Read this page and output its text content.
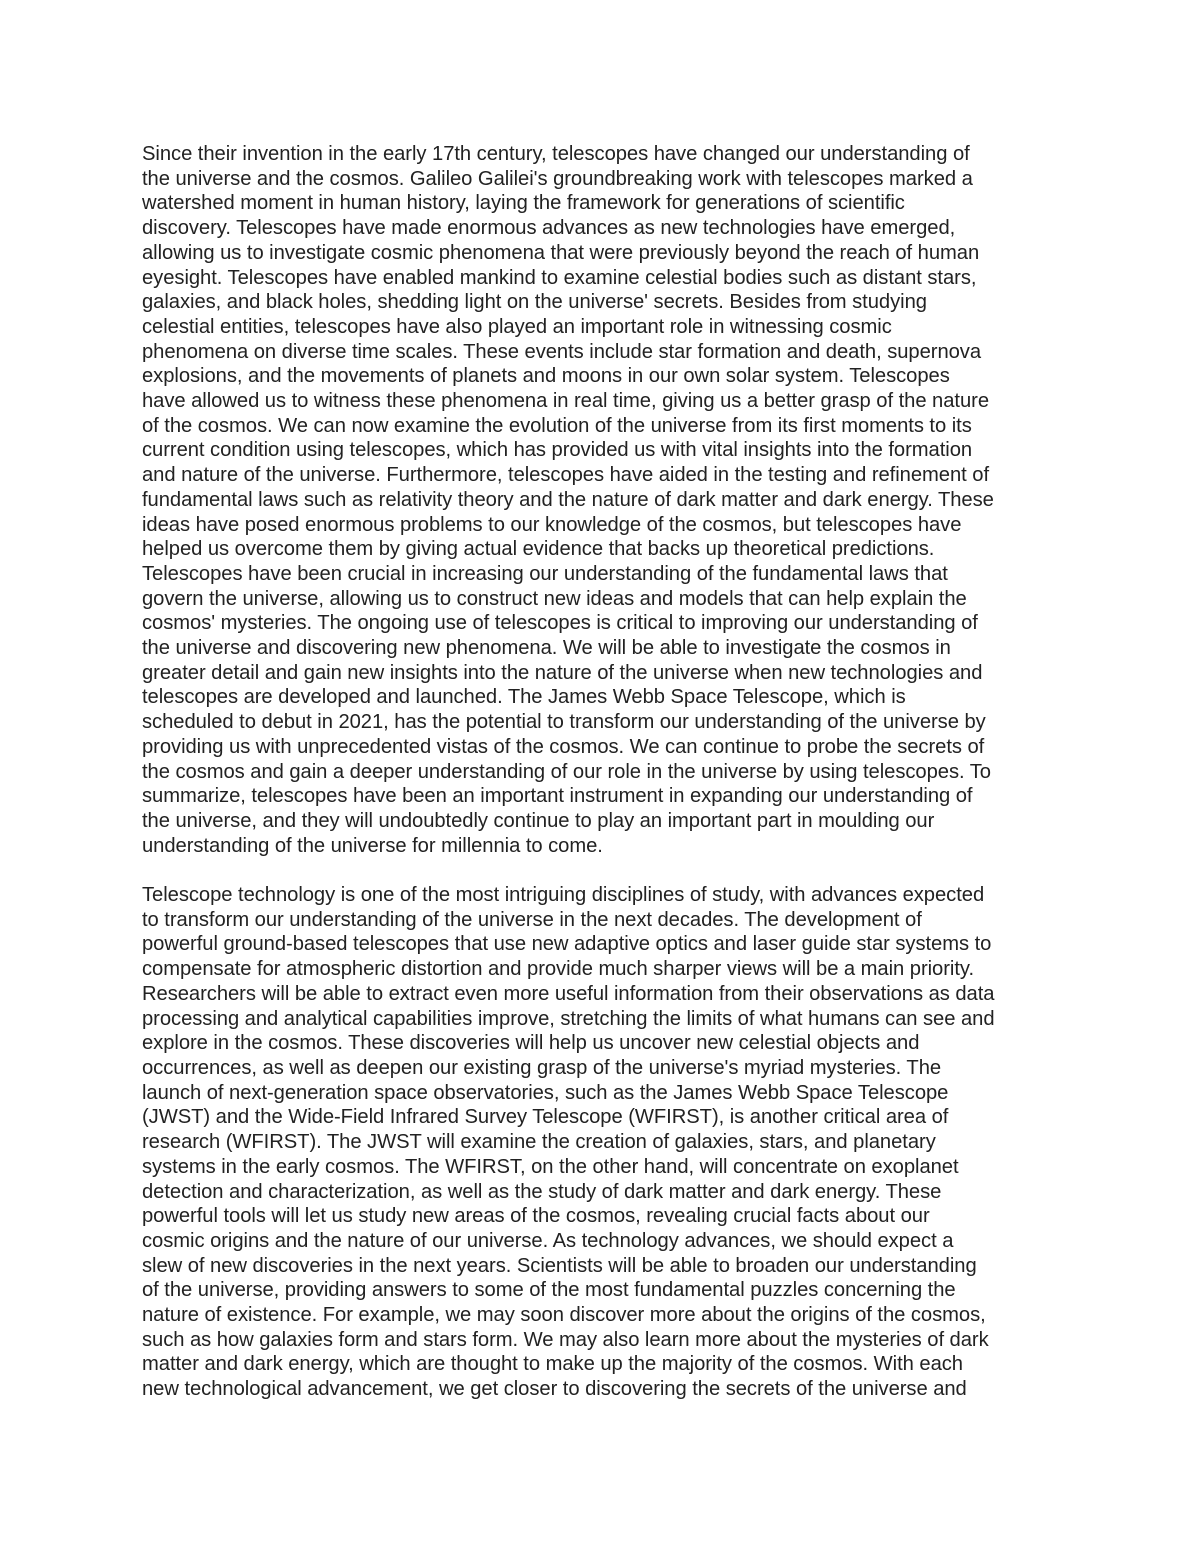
Since their invention in the early 17th century, telescopes have changed our understanding of
the universe and the cosmos. Galileo Galilei's groundbreaking work with telescopes marked a
watershed moment in human history, laying the framework for generations of scientific
discovery. Telescopes have made enormous advances as new technologies have emerged,
allowing us to investigate cosmic phenomena that were previously beyond the reach of human
eyesight. Telescopes have enabled mankind to examine celestial bodies such as distant stars,
galaxies, and black holes, shedding light on the universe' secrets. Besides from studying
celestial entities, telescopes have also played an important role in witnessing cosmic
phenomena on diverse time scales. These events include star formation and death, supernova
explosions, and the movements of planets and moons in our own solar system. Telescopes
have allowed us to witness these phenomena in real time, giving us a better grasp of the nature
of the cosmos. We can now examine the evolution of the universe from its first moments to its
current condition using telescopes, which has provided us with vital insights into the formation
and nature of the universe. Furthermore, telescopes have aided in the testing and refinement of
fundamental laws such as relativity theory and the nature of dark matter and dark energy. These
ideas have posed enormous problems to our knowledge of the cosmos, but telescopes have
helped us overcome them by giving actual evidence that backs up theoretical predictions.
Telescopes have been crucial in increasing our understanding of the fundamental laws that
govern the universe, allowing us to construct new ideas and models that can help explain the
cosmos' mysteries. The ongoing use of telescopes is critical to improving our understanding of
the universe and discovering new phenomena. We will be able to investigate the cosmos in
greater detail and gain new insights into the nature of the universe when new technologies and
telescopes are developed and launched. The James Webb Space Telescope, which is
scheduled to debut in 2021, has the potential to transform our understanding of the universe by
providing us with unprecedented vistas of the cosmos. We can continue to probe the secrets of
the cosmos and gain a deeper understanding of our role in the universe by using telescopes. To
summarize, telescopes have been an important instrument in expanding our understanding of
the universe, and they will undoubtedly continue to play an important part in moulding our
understanding of the universe for millennia to come.

Telescope technology is one of the most intriguing disciplines of study, with advances expected
to transform our understanding of the universe in the next decades. The development of
powerful ground-based telescopes that use new adaptive optics and laser guide star systems to
compensate for atmospheric distortion and provide much sharper views will be a main priority.
Researchers will be able to extract even more useful information from their observations as data
processing and analytical capabilities improve, stretching the limits of what humans can see and
explore in the cosmos. These discoveries will help us uncover new celestial objects and
occurrences, as well as deepen our existing grasp of the universe's myriad mysteries. The
launch of next-generation space observatories, such as the James Webb Space Telescope
(JWST) and the Wide-Field Infrared Survey Telescope (WFIRST), is another critical area of
research (WFIRST). The JWST will examine the creation of galaxies, stars, and planetary
systems in the early cosmos. The WFIRST, on the other hand, will concentrate on exoplanet
detection and characterization, as well as the study of dark matter and dark energy. These
powerful tools will let us study new areas of the cosmos, revealing crucial facts about our
cosmic origins and the nature of our universe. As technology advances, we should expect a
slew of new discoveries in the next years. Scientists will be able to broaden our understanding
of the universe, providing answers to some of the most fundamental puzzles concerning the
nature of existence. For example, we may soon discover more about the origins of the cosmos,
such as how galaxies form and stars form. We may also learn more about the mysteries of dark
matter and dark energy, which are thought to make up the majority of the cosmos. With each
new technological advancement, we get closer to discovering the secrets of the universe and
